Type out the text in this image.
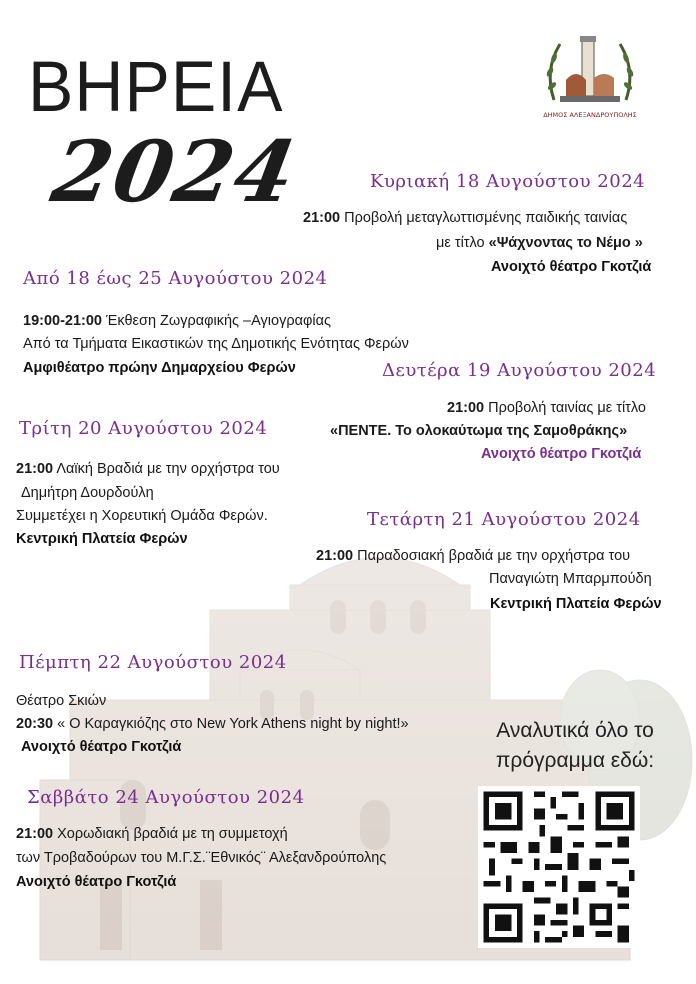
ΒΗΡΕΙΑ
2024
ΔΗΜΟΣ ΑΛΕΞΑΝΔΡΟΥΠΟΛΗΣ
Κυριακή 18 Αυγούστου 2024
21:00 Προβολή μεταγλωττισμένης παιδικής ταινίας
με τίτλο «Ψάχνοντας το Νέμο »
Ανοιχτό θέατρο Γκοτζιά
Από 18 έως 25 Αυγούστου 2024
19:00-21:00 Έκθεση Ζωγραφικής –Αγιογραφίας
Από τα Τμήματα Εικαστικών της Δημοτικής Ενότητας Φερών
Αμφιθέατρο πρώην Δημαρχείου Φερών	Δευτέρα 19 Αυγούστου 2024
21:00 Προβολή ταινίας με τίτλο
«ΠΕΝΤΕ. Το ολοκαύτωμα της Σαμοθράκης»
Ανοιχτό θέατρο Γκοτζιά
Τρίτη 20 Αυγούστου 2024
21:00 Λαϊκή Βραδιά με την ορχήστρα του
Δημήτρη Δουρδούλη
Συμμετέχει η Χορευτική Ομάδα Φερών.
Κεντρική Πλατεία Φερών
Τετάρτη 21 Αυγούστου 2024
21:00 Παραδοσιακή βραδιά με την ορχήστρα του
Παναγιώτη Μπαρμπούδη
Κεντρική Πλατεία Φερών
Πέμπτη 22 Αυγούστου 2024
Θέατρο Σκιών
20:30 « Ο Καραγκιόζης στο New York Athens night by night!»
Ανοιχτό θέατρο Γκοτζιά
Σαββάτο 24 Αυγούστου 2024
21:00 Χορωδιακή βραδιά με τη συμμετοχή
των Τροβαδούρων του Μ.Γ.Σ.¨Εθνικός¨ Αλεξανδρούπολης
Ανοιχτό θέατρο Γκοτζιά
Αναλυτικά όλο το
πρόγραμμα εδώ:
